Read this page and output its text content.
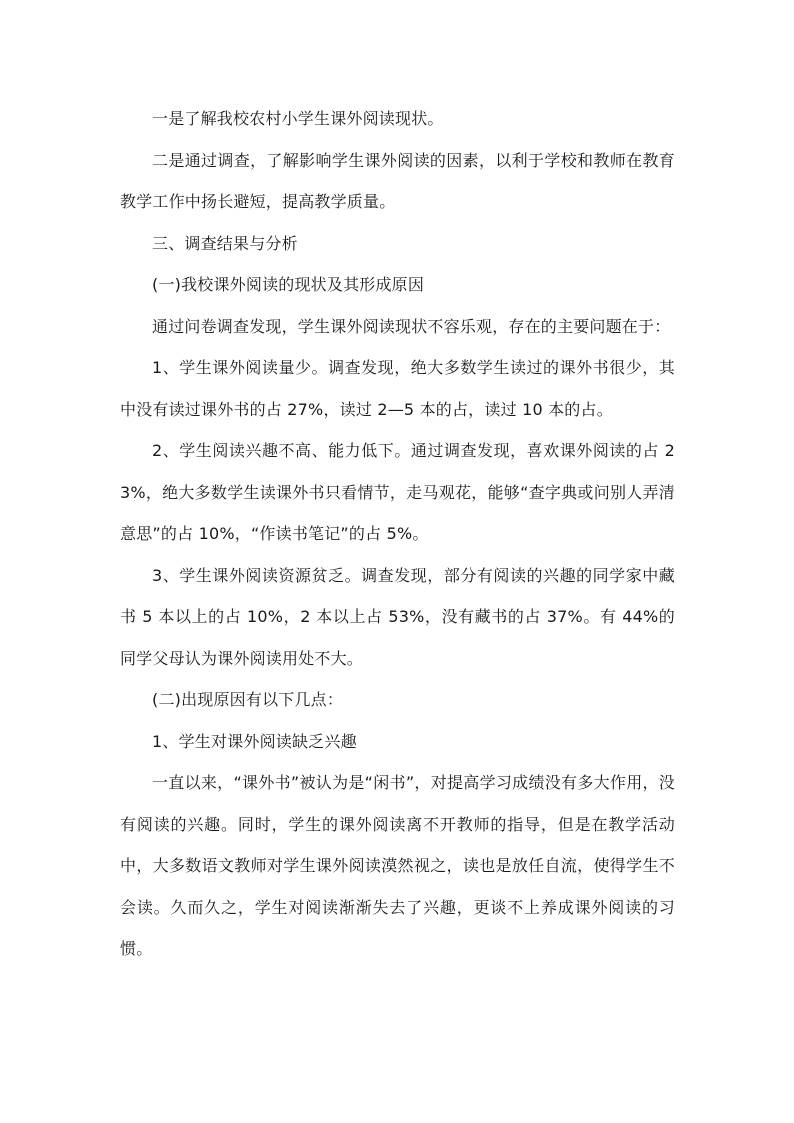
一是了解我校农村小学生课外阅读现状。

二是通过调查，了解影响学生课外阅读的因素，以利于学校和教师在教育教学工作中扬长避短，提高教学质量。

三、调查结果与分析

(一)我校课外阅读的现状及其形成原因

通过问卷调查发现，学生课外阅读现状不容乐观，存在的主要问题在于：

1、学生课外阅读量少。调查发现，绝大多数学生读过的课外书很少，其中没有读过课外书的占 27%，读过 2—5 本的占，读过 10 本的占。

2、学生阅读兴趣不高、能力低下。通过调查发现，喜欢课外阅读的占 23%，绝大多数学生读课外书只看情节，走马观花，能够“查字典或问别人弄清意思”的占 10%，“作读书笔记”的占 5%。

3、学生课外阅读资源贫乏。调查发现，部分有阅读的兴趣的同学家中藏书 5 本以上的占 10%，2 本以上占 53%，没有藏书的占 37%。有 44%的同学父母认为课外阅读用处不大。

(二)出现原因有以下几点：

1、学生对课外阅读缺乏兴趣

一直以来，“课外书”被认为是“闲书”，对提高学习成绩没有多大作用，没有阅读的兴趣。同时，学生的课外阅读离不开教师的指导，但是在教学活动中，大多数语文教师对学生课外阅读漠然视之，读也是放任自流，使得学生不会读。久而久之，学生对阅读渐渐失去了兴趣，更谈不上养成课外阅读的习惯。
